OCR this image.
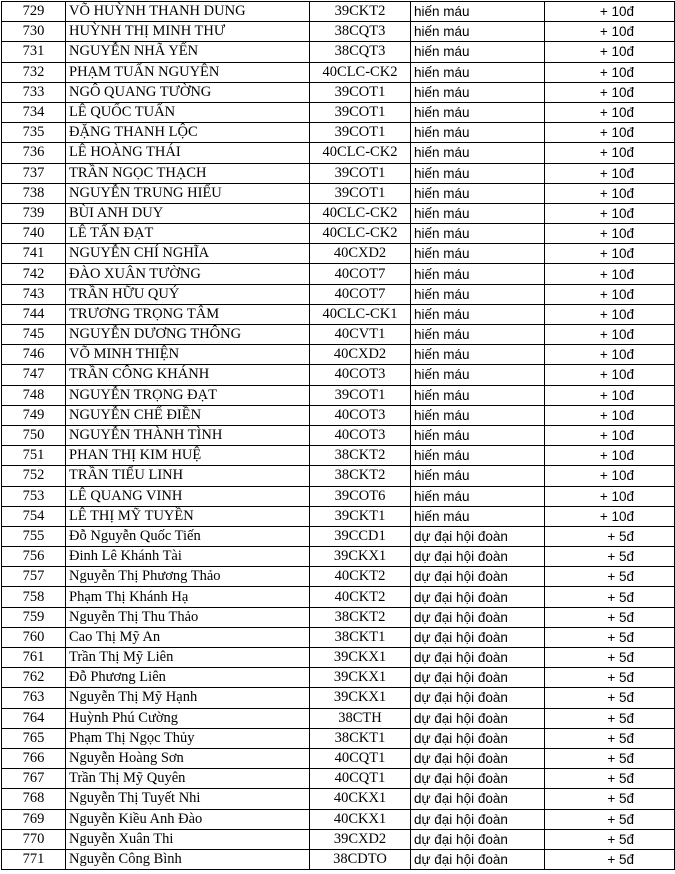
729	VÕ HUỲNH THANH DUNG	39CKT2	hiến máu	+ 10đ
730	HUỲNH THỊ MINH THƯ	38CQT3	hiến máu	+ 10đ
731	NGUYỄN NHÃ YẾN	38CQT3	hiến máu	+ 10đ
732	PHẠM TUẤN NGUYÊN	40CLC-CK2	hiến máu	+ 10đ
733	NGÔ QUANG TƯỜNG	39COT1	hiến máu	+ 10đ
734	LÊ QUỐC TUẤN	39COT1	hiến máu	+ 10đ
735	ĐẶNG THANH LỘC	39COT1	hiến máu	+ 10đ
736	LÊ HOÀNG THÁI	40CLC-CK2	hiến máu	+ 10đ
737	TRẦN NGỌC THẠCH	39COT1	hiến máu	+ 10đ
738	NGUYỄN TRUNG HIẾU	39COT1	hiến máu	+ 10đ
739	BÙI ANH DUY	40CLC-CK2	hiến máu	+ 10đ
740	LÊ TẤN ĐẠT	40CLC-CK2	hiến máu	+ 10đ
741	NGUYỄN CHÍ NGHĨA	40CXD2	hiến máu	+ 10đ
742	ĐÀO XUÂN TƯỜNG	40COT7	hiến máu	+ 10đ
743	TRẦN HỮU QUÝ	40COT7	hiến máu	+ 10đ
744	TRƯƠNG TRỌNG TÂM	40CLC-CK1	hiến máu	+ 10đ
745	NGUYỄN DƯƠNG THÔNG	40CVT1	hiến máu	+ 10đ
746	VÕ MINH THIỆN	40CXD2	hiến máu	+ 10đ
747	TRẦN CÔNG KHÁNH	40COT3	hiến máu	+ 10đ
748	NGUYỄN TRỌNG ĐẠT	39COT1	hiến máu	+ 10đ
749	NGUYỄN CHẾ ĐIỀN	40COT3	hiến máu	+ 10đ
750	NGUYỄN THÀNH TÌNH	40COT3	hiến máu	+ 10đ
751	PHAN THỊ KIM HUỆ	38CKT2	hiến máu	+ 10đ
752	TRẦN TIỂU LINH	38CKT2	hiến máu	+ 10đ
753	LÊ QUANG VINH	39COT6	hiến máu	+ 10đ
754	LÊ THỊ MỸ TUYỀN	39CKT1	hiến máu	+ 10đ
755	Đỗ Nguyễn Quốc Tiến	39CCD1	dự đại hội đoàn	+ 5đ
756	Đinh Lê Khánh Tài	39CKX1	dự đại hội đoàn	+ 5đ
757	Nguyễn Thị Phương Thảo	40CKT2	dự đại hội đoàn	+ 5đ
758	Phạm Thị Khánh Hạ	40CKT2	dự đại hội đoàn	+ 5đ
759	Nguyễn Thị Thu Thảo	38CKT2	dự đại hội đoàn	+ 5đ
760	Cao Thị Mỹ An	38CKT1	dự đại hội đoàn	+ 5đ
761	Trần Thị Mỹ Liên	39CKX1	dự đại hội đoàn	+ 5đ
762	Đỗ Phương Liên	39CKX1	dự đại hội đoàn	+ 5đ
763	Nguyễn Thị Mỹ Hạnh	39CKX1	dự đại hội đoàn	+ 5đ
764	Huỳnh Phú Cường	38CTH	dự đại hội đoàn	+ 5đ
765	Phạm Thị Ngọc Thủy	38CKT1	dự đại hội đoàn	+ 5đ
766	Nguyễn Hoàng Sơn	40CQT1	dự đại hội đoàn	+ 5đ
767	Trần Thị Mỹ Quyên	40CQT1	dự đại hội đoàn	+ 5đ
768	Nguyễn Thị Tuyết Nhi	40CKX1	dự đại hội đoàn	+ 5đ
769	Nguyễn Kiều Anh Đào	40CKX1	dự đại hội đoàn	+ 5đ
770	Nguyễn Xuân Thi	39CXD2	dự đại hội đoàn	+ 5đ
771	Nguyễn Công Bình	38CDTO	dự đại hội đoàn	+ 5đ
